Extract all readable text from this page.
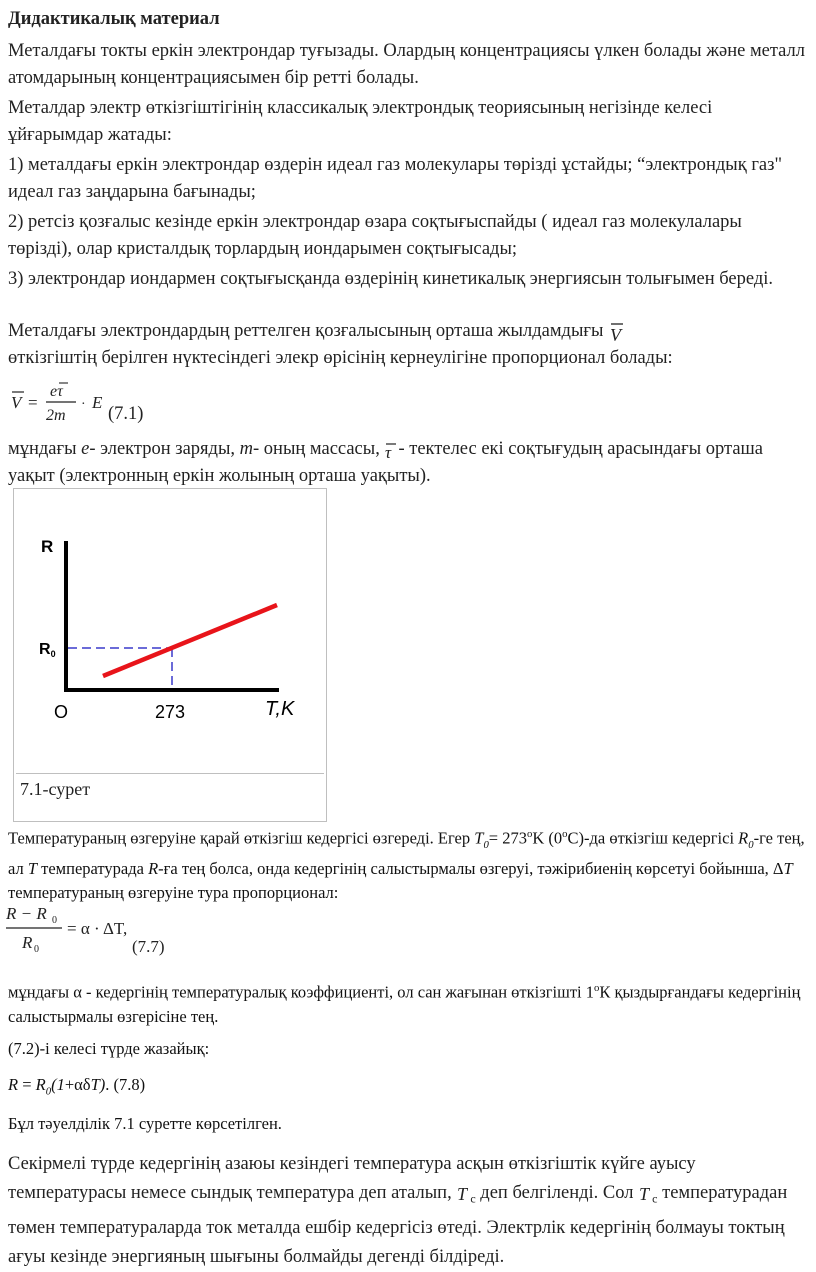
Дидактикалық материал

Металдағы токты еркін электрондар туғызады. Олардың концентрациясы үлкен болады және металл атомдарының концентрациясымен бір ретті болады.

Металдар электр өткізгіштігінің классикалық электрондық теориясының негізінде келесі ұйғарымдар жатады:

1) металдағы еркін электрондар өздерін идеал газ молекулары төрізді ұстайды; “электрондық газ" идеал газ заңдарына бағынады;

2) ретсіз қозғалыс кезінде еркін электрондар өзара соқтығыспайды ( идеал газ молекулалары төрізді), олар кристалдық торлардың иондарымен соқтығысады;

3) электрондар иондармен соқтығысқанда өздерінің кинетикалық энергиясын толығымен береді.

Металдағы электрондардың реттелген қозғалысының орташа жылдамдығы V

өткізгіштің берілген нүктесіндегі элекр өрісінің кернеулігіне пропорционал болады:

V =
eτ
2m
· E
(7.1)

мұндағы е- электрон заряды, m- оның массасы, τ - тектелес екі соқтығудың арасындағы орташа уақыт (электронның еркін жолының орташа уақыты).

R
R0
O	273	T,K
7.1-сурет

Температураның өзгеруіне қарай өткізгіш кедергісі өзгереді. Егер $T_0= 273^оK$ $(0^оС)-да$ өткізгіш кедергісі $R_0-ге$ тең, ал T температурада R-ға тең болса, онда кедергінің салыстырмалы өзгеруі, тәжірибиенің көрсетуі бойынша, ΔT температураның өзгеруіне тура пропорционал:

R − R 0
R 0
= α · ΔT,
(7.7)

мұндағы α - кедергінің температуралық коэффициенті, ол сан жағынан өткізгішті $1^оК$ қыздырғандағы кедергінің салыстырмалы өзгерісіне тең.

(7.2)-і келесі түрде жазайық:

$R = R_0(1+\alpha\delta T)$. (7.8)

Бұл тәуелділік 7.1 суретте көрсетілген.

Секірмелі түрде кедергінің азаюы кезіндегі температура асқын өткізгіштік күйге ауысу температурасы немесе сындық температура деп аталып, T $_с$ деп белгіленді. Сол T $_с$ температурадан төмен температураларда ток металда ешбір кедергісіз өтеді. Электрлік кедергінің болмауы токтың ағуы кезінде энергияның шығыны болмайды дегенді білдіреді.
